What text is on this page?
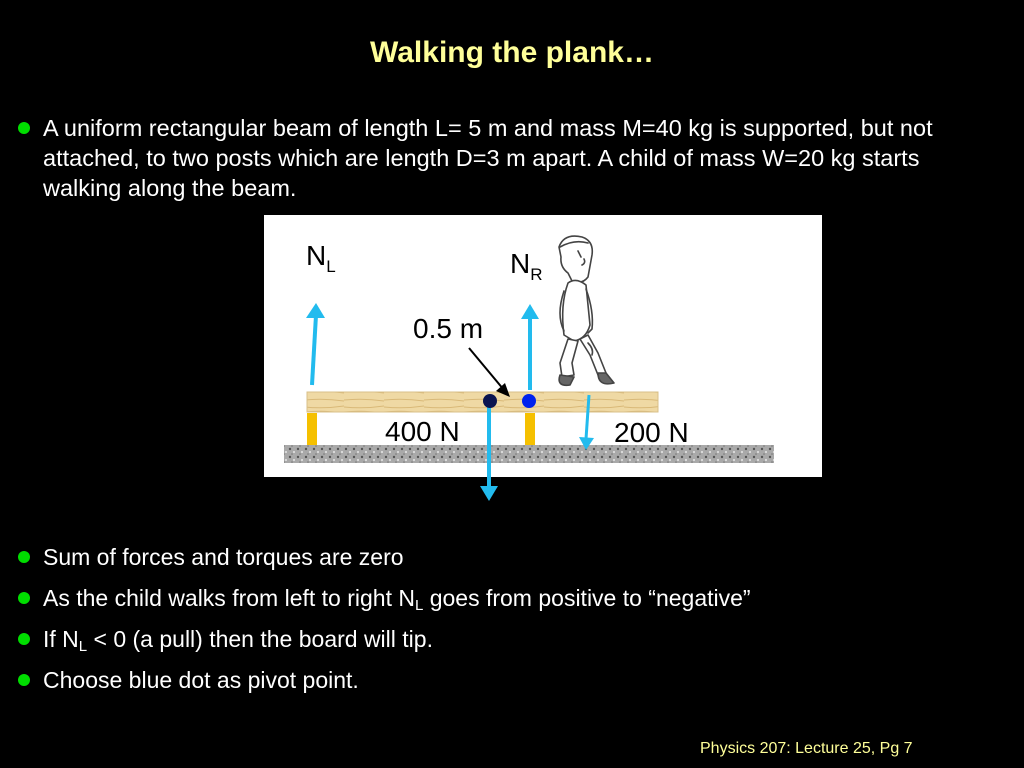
Walking the plank…
A uniform rectangular beam of length L= 5 m and mass M=40 kg is supported, but not attached, to two posts which are length D=3 m apart. A child of mass W=20 kg starts walking along the beam.
$N_L$	$N_R$
0.5 m
400 N	200 N
Sum of forces and torques are zero
As the child walks from left to right $N_L$ goes from positive to “negative”
If $N_L < 0$ (a pull) then the board will tip.
Choose blue dot as pivot point.
Physics 207: Lecture 25, Pg 7
